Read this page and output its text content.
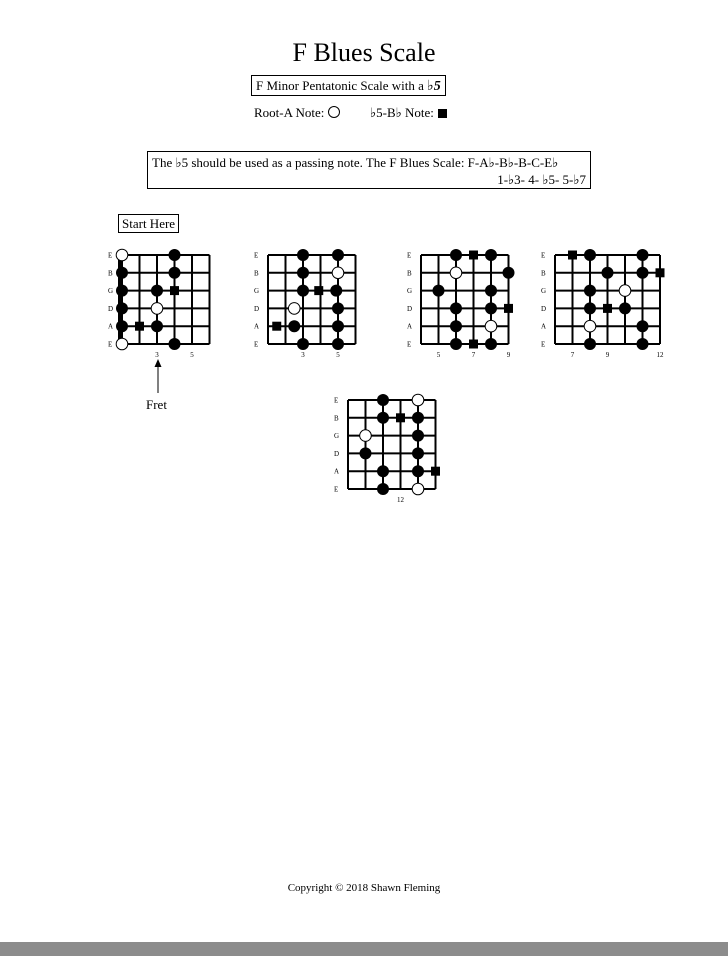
F Blues Scale
F Minor Pentatonic Scale with a ♭5
Root-A Note:	♭5-B♭ Note:
The ♭5 should be used as a passing note. The F Blues Scale: F-A♭-B♭-B-C-E♭
1-♭3- 4- ♭5- 5-♭7
Start Here
E
B
G
D
A
E
3	5
E
B
G
D
A
E
3	5
E
B
G
D
A
E
5	7	9
E
B
G
D
A
E
7	9	12
E
B
G
D
A
E
12
Fret
Copyright © 2018 Shawn Fleming
